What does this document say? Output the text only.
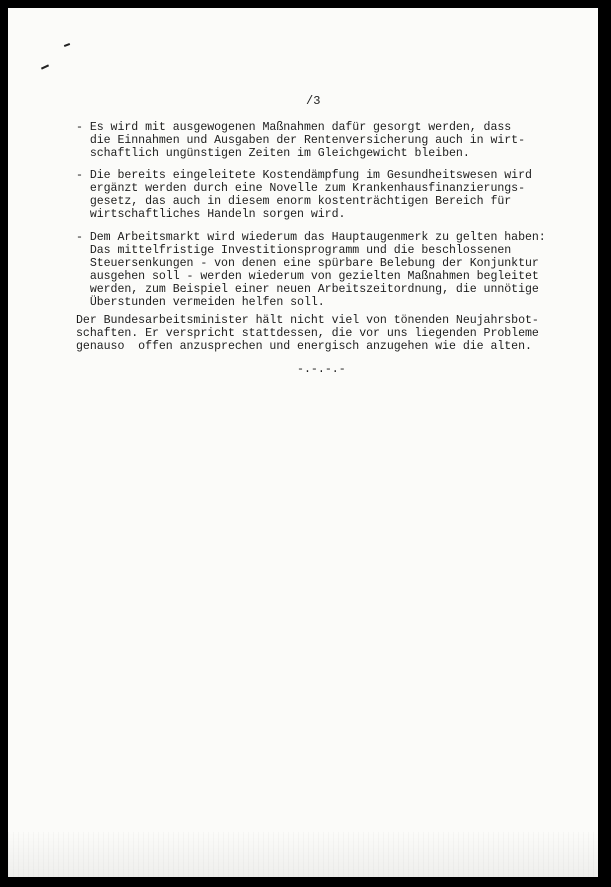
/3
- Es wird mit ausgewogenen Maßnahmen dafür gesorgt werden, dass
die Einnahmen und Ausgaben der Rentenversicherung auch in wirt-
schaftlich ungünstigen Zeiten im Gleichgewicht bleiben.
- Die bereits eingeleitete Kostendämpfung im Gesundheitswesen wird
ergänzt werden durch eine Novelle zum Krankenhausfinanzierungs-
gesetz, das auch in diesem enorm kostenträchtigen Bereich für
wirtschaftliches Handeln sorgen wird.
- Dem Arbeitsmarkt wird wiederum das Hauptaugenmerk zu gelten haben:
Das mittelfristige Investitionsprogramm und die beschlossenen
Steuersenkungen - von denen eine spürbare Belebung der Konjunktur
ausgehen soll - werden wiederum von gezielten Maßnahmen begleitet
werden, zum Beispiel einer neuen Arbeitszeitordnung, die unnötige
Überstunden vermeiden helfen soll.
Der Bundesarbeitsminister hält nicht viel von tönenden Neujahrsbot-
schaften. Er verspricht stattdessen, die vor uns liegenden Probleme
genauso  offen anzusprechen und energisch anzugehen wie die alten.
-.-.-.-
